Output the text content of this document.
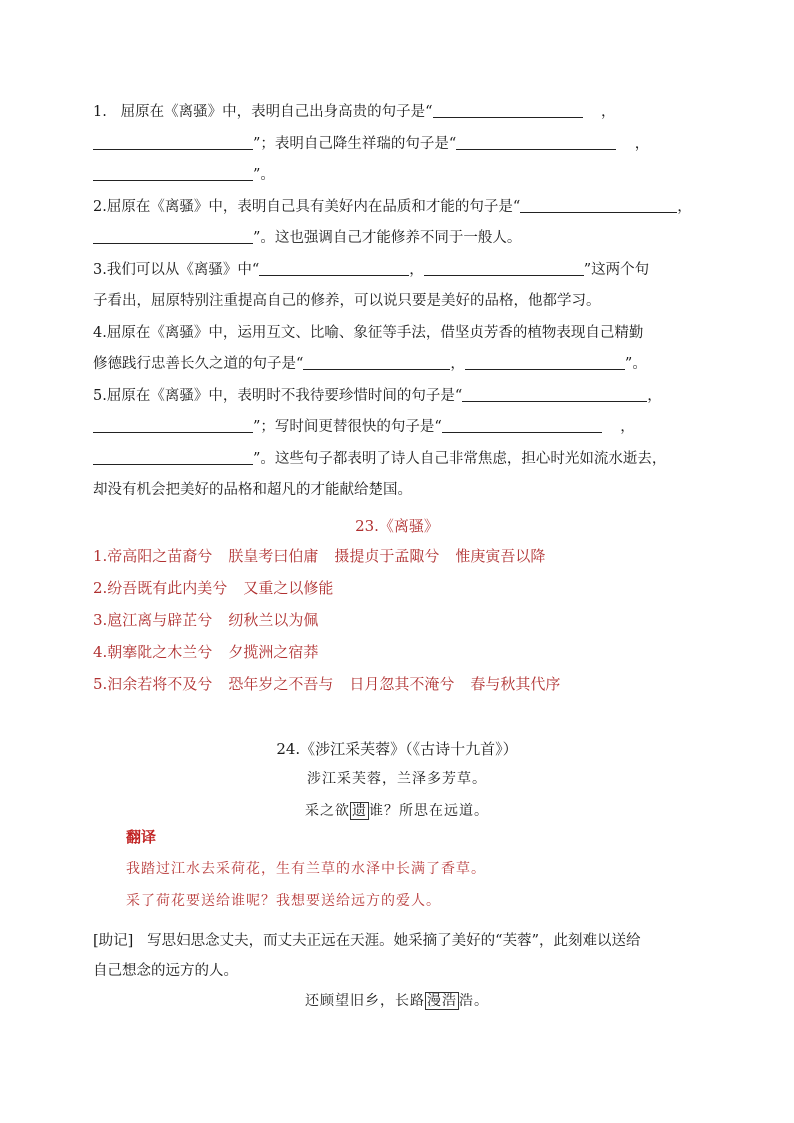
1. 屈原在《离骚》中，表明自己出身高贵的句子是“	，
”；表明自己降生祥瑞的句子是“	，
”。
2.屈原在《离骚》中，表明自己具有美好内在品质和才能的句子是“	，
”。这也强调自己才能修养不同于一般人。
3.我们可以从《离骚》中“	，	”这两个句
子看出，屈原特别注重提高自己的修养，可以说只要是美好的品格，他都学习。
4.屈原在《离骚》中，运用互文、比喻、象征等手法，借坚贞芳香的植物表现自己精勤
修德践行忠善长久之道的句子是“	，	”。
5.屈原在《离骚》中，表明时不我待要珍惜时间的句子是“	，
”；写时间更替很快的句子是“	，
”。这些句子都表明了诗人自己非常焦虑，担心时光如流水逝去，
却没有机会把美好的品格和超凡的才能献给楚国。
23.《离骚》
1.帝高阳之苗裔兮 朕皇考曰伯庸 摄提贞于孟陬兮 惟庚寅吾以降
2.纷吾既有此内美兮 又重之以修能
3.扈江离与辟芷兮 纫秋兰以为佩
4.朝搴阰之木兰兮 夕揽洲之宿莽
5.汩余若将不及兮 恐年岁之不吾与 日月忽其不淹兮 春与秋其代序
24.《涉江采芙蓉》（《古诗十九首》）
涉江采芙蓉，兰泽多芳草。
采之欲 遗 谁？所思在远道。
翻译
我踏过江水去采荷花，生有兰草的水泽中长满了香草。
采了荷花要送给谁呢？我想要送给远方的爱人。
[助记] 写思妇思念丈夫，而丈夫正远在天涯。她采摘了美好的“芙蓉”，此刻难以送给
自己想念的远方的人。
还顾望旧乡，长路 漫浩 浩。
